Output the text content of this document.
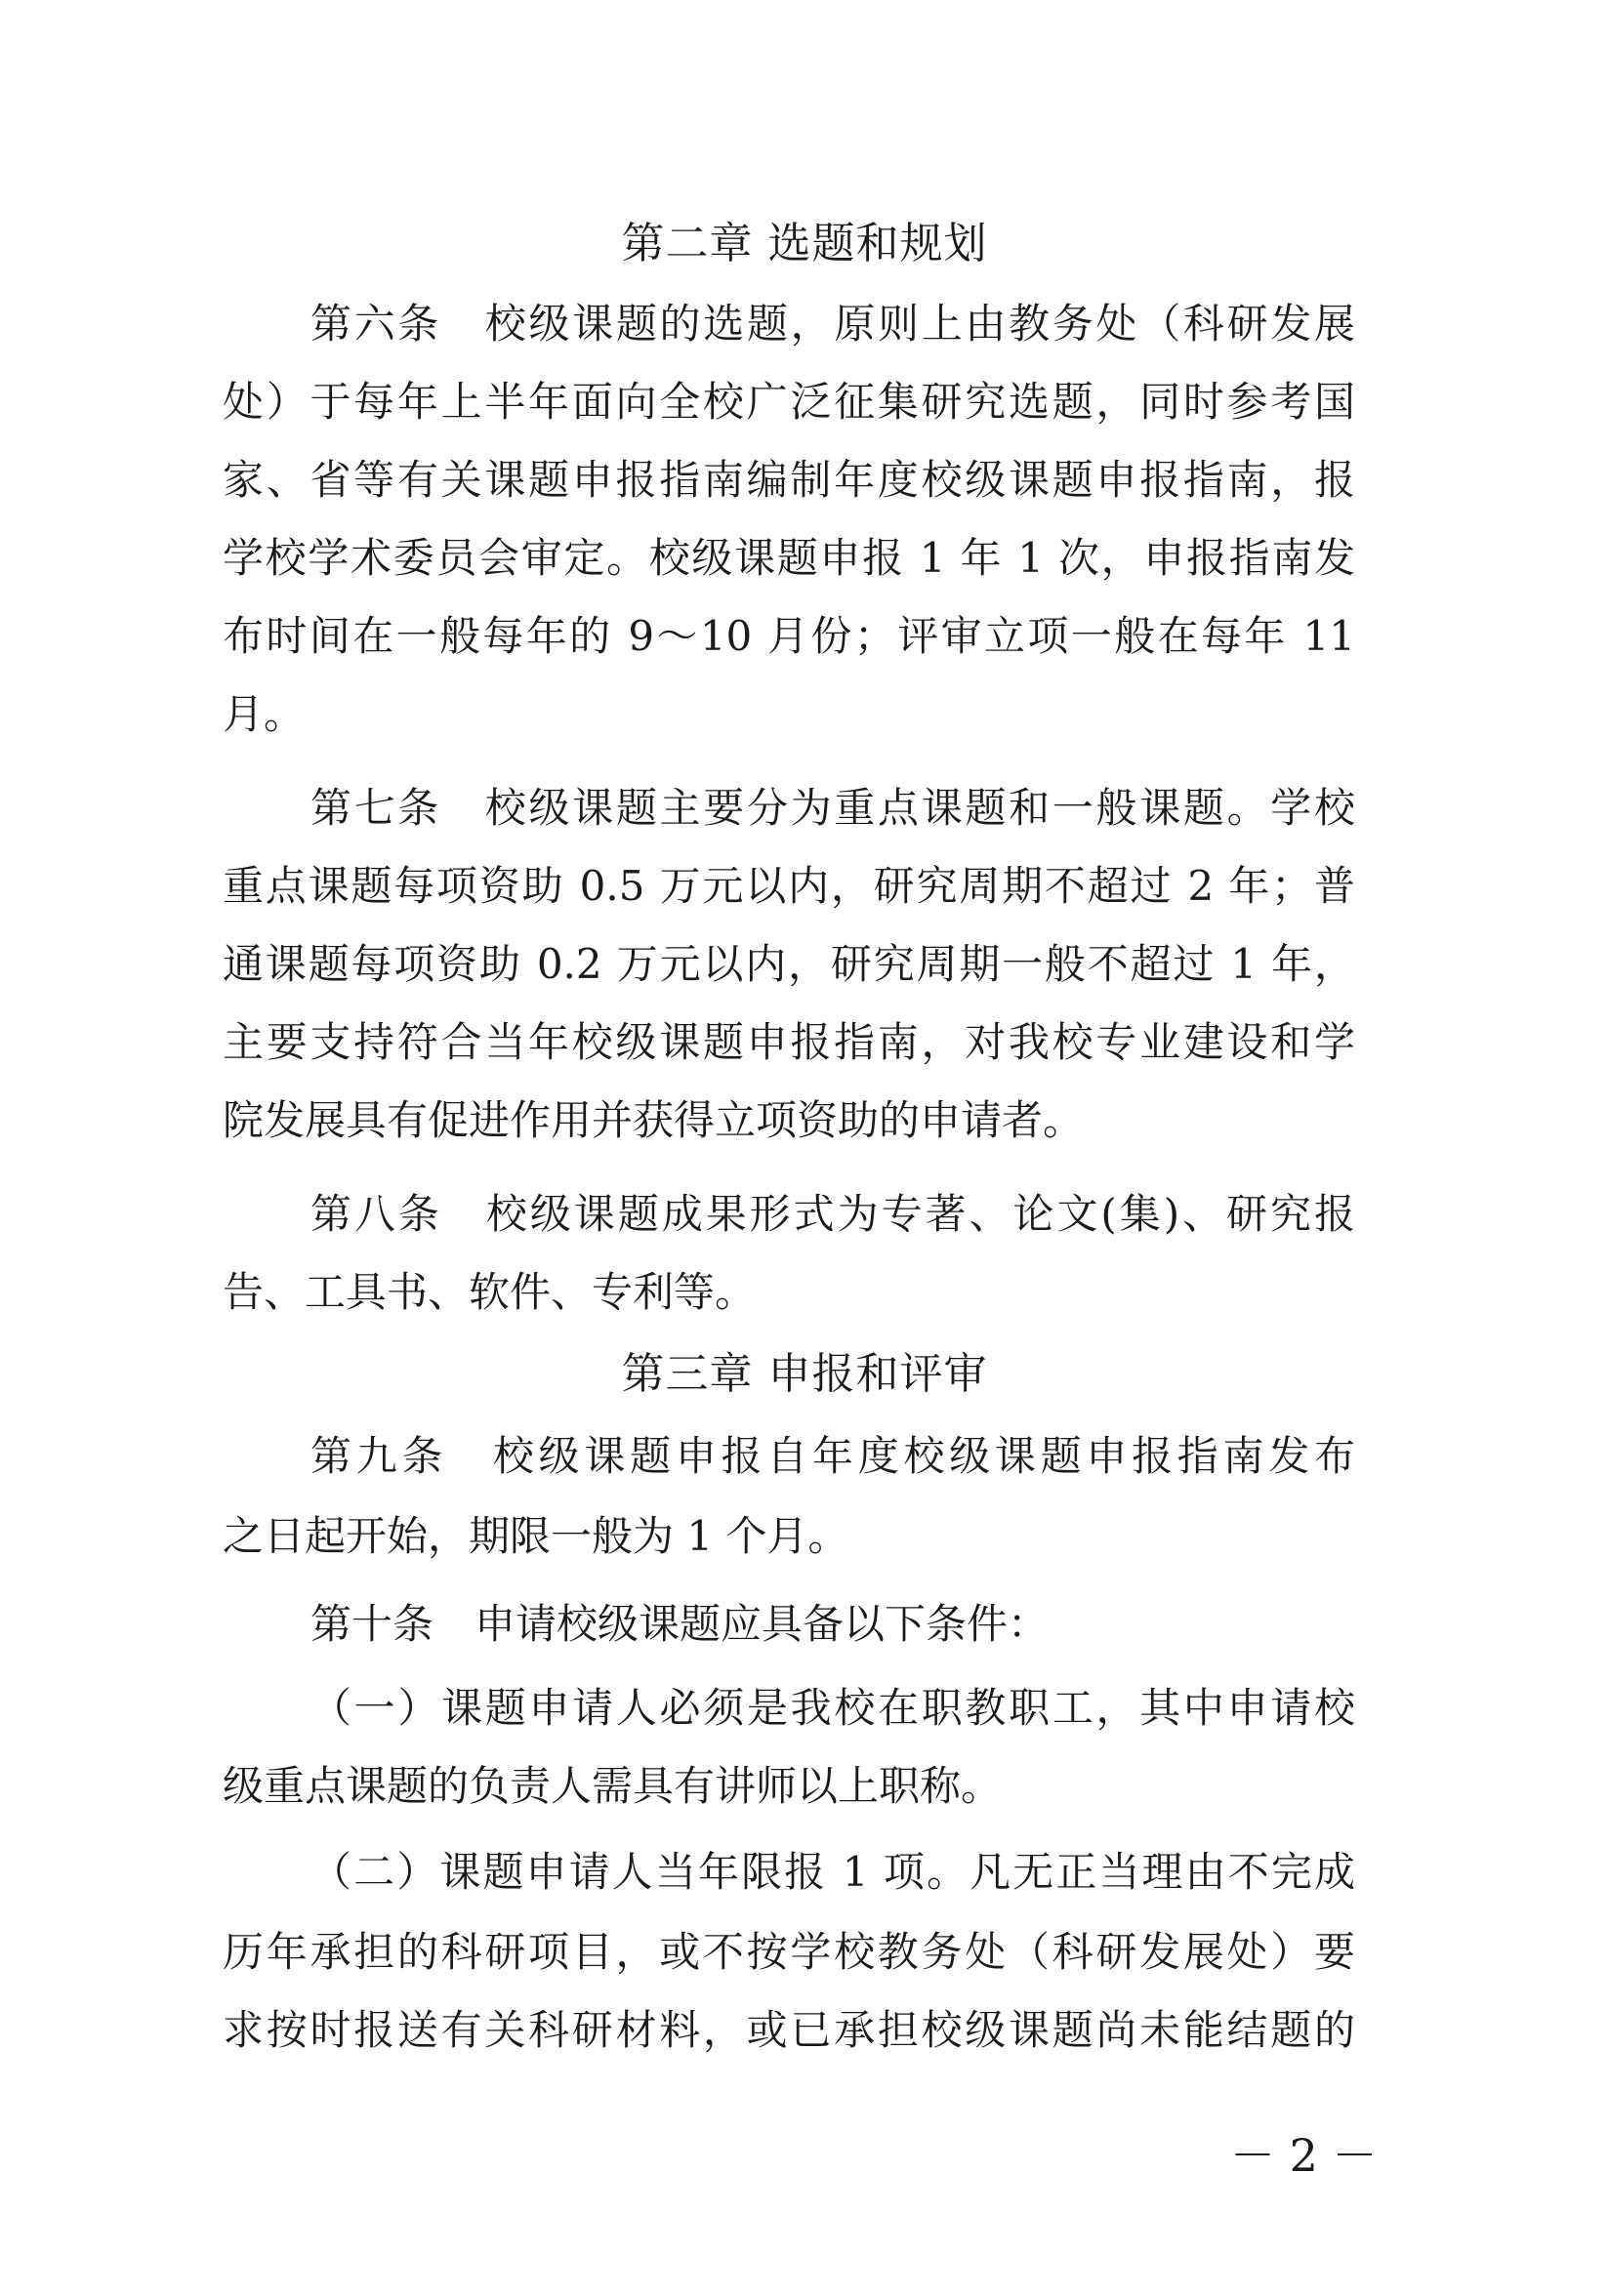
第二章 选题和规划
第六条　校级课题的选题，原则上由教务处（科研发展
处）于每年上半年面向全校广泛征集研究选题，同时参考国
家、省等有关课题申报指南编制年度校级课题申报指南，报
学校学术委员会审定。校级课题申报 1 年 1 次，申报指南发
布时间在一般每年的 9～10 月份；评审立项一般在每年 11
月。
第七条　校级课题主要分为重点课题和一般课题。学校
重点课题每项资助 0.5 万元以内，研究周期不超过 2 年；普
通课题每项资助 0.2 万元以内，研究周期一般不超过 1 年，
主要支持符合当年校级课题申报指南，对我校专业建设和学
院发展具有促进作用并获得立项资助的申请者。
第八条　校级课题成果形式为专著、论文(集)、研究报
告、工具书、软件、专利等。
第三章 申报和评审
第九条　校级课题申报自年度校级课题申报指南发布
之日起开始，期限一般为 1 个月。
第十条　申请校级课题应具备以下条件：
（一）课题申请人必须是我校在职教职工，其中申请校
级重点课题的负责人需具有讲师以上职称。
（二）课题申请人当年限报 1 项。凡无正当理由不完成
历年承担的科研项目，或不按学校教务处（科研发展处）要
求按时报送有关科研材料，或已承担校级课题尚未能结题的
－ 2 －
